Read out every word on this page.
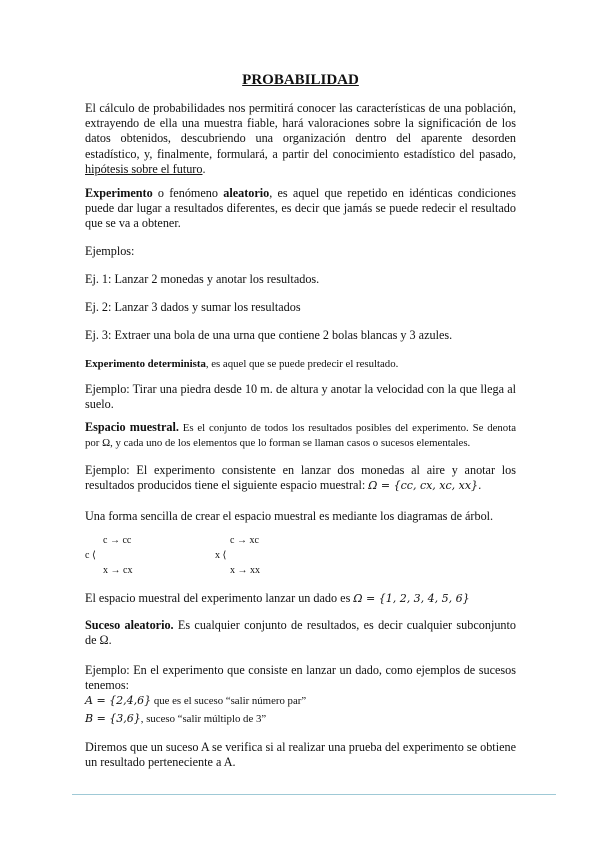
PROBABILIDAD

El cálculo de probabilidades nos permitirá conocer las características de una población, extrayendo de ella una muestra fiable, hará valoraciones sobre la significación de los datos obtenidos, descubriendo una organización dentro del aparente desorden estadístico, y, finalmente, formulará, a partir del conocimiento estadístico del pasado, hipótesis sobre el futuro.

Experimento o fenómeno aleatorio, es aquel que repetido en idénticas condiciones puede dar lugar a resultados diferentes, es decir que jamás se puede redecir el resultado que se va a obtener.

Ejemplos:

Ej. 1: Lanzar 2 monedas y anotar los resultados.

Ej. 2: Lanzar 3 dados y sumar los resultados

Ej. 3: Extraer una bola de una urna que contiene 2 bolas blancas y 3 azules.

Experimento determinista, es aquel que se puede predecir el resultado.

Ejemplo: Tirar una piedra desde 10 m. de altura y anotar la velocidad con la que llega al suelo.

Espacio muestral. Es el conjunto de todos los resultados posibles del experimento. Se denota por Ω, y cada uno de los elementos que lo forman se llaman casos o sucesos elementales.

Ejemplo: El experimento consistente en lanzar dos monedas al aire y anotar los resultados producidos tiene el siguiente espacio muestral: Ω = {cc, cx, xc, xx}.

Una forma sencilla de crear el espacio muestral es mediante los diagramas de árbol.

c → cc
c ⟨
x → cx
c → xc
x ⟨
x → xx

El espacio muestral del experimento lanzar un dado es Ω = {1, 2, 3, 4, 5, 6}

Suceso aleatorio. Es cualquier conjunto de resultados, es decir cualquier subconjunto de Ω.

Ejemplo: En el experimento que consiste en lanzar un dado, como ejemplos de sucesos tenemos:

A = {2,4,6} que es el suceso “salir número par”

B = {3,6}, suceso “salir múltiplo de 3”

Diremos que un suceso A se verifica si al realizar una prueba del experimento se obtiene un resultado perteneciente a A.
